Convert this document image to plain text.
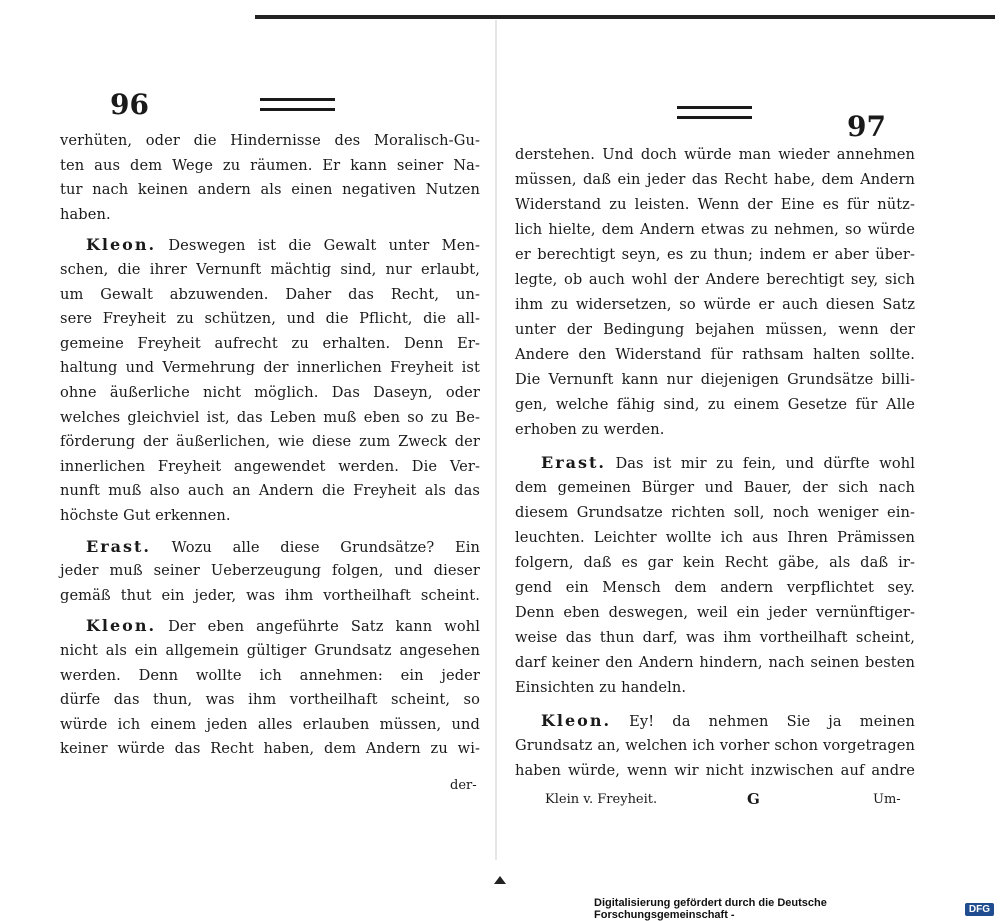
96
verhüten, oder die Hindernisse des Moralisch-Gu-
ten aus dem Wege zu räumen. Er kann seiner Na-
tur nach keinen andern als einen negativen Nutzen
haben.
Kleon. Deswegen ist die Gewalt unter Men-
schen, die ihrer Vernunft mächtig sind, nur erlaubt,
um Gewalt abzuwenden. Daher das Recht, un-
sere Freyheit zu schützen, und die Pflicht, die all-
gemeine Freyheit aufrecht zu erhalten. Denn Er-
haltung und Vermehrung der innerlichen Freyheit ist
ohne äußerliche nicht möglich. Das Daseyn, oder
welches gleichviel ist, das Leben muß eben so zu Be-
förderung der äußerlichen, wie diese zum Zweck der
innerlichen Freyheit angewendet werden. Die Ver-
nunft muß also auch an Andern die Freyheit als das
höchste Gut erkennen.
Erast. Wozu alle diese Grundsätze? Ein
jeder muß seiner Ueberzeugung folgen, und dieser
gemäß thut ein jeder, was ihm vortheilhaft scheint.
Kleon. Der eben angeführte Satz kann wohl
nicht als ein allgemein gültiger Grundsatz angesehen
werden. Denn wollte ich annehmen: ein jeder
dürfe das thun, was ihm vortheilhaft scheint, so
würde ich einem jeden alles erlauben müssen, und
keiner würde das Recht haben, dem Andern zu wi-
der-
97
derstehen. Und doch würde man wieder annehmen
müssen, daß ein jeder das Recht habe, dem Andern
Widerstand zu leisten. Wenn der Eine es für nütz-
lich hielte, dem Andern etwas zu nehmen, so würde
er berechtigt seyn, es zu thun; indem er aber über-
legte, ob auch wohl der Andere berechtigt sey, sich
ihm zu widersetzen, so würde er auch diesen Satz
unter der Bedingung bejahen müssen, wenn der
Andere den Widerstand für rathsam halten sollte.
Die Vernunft kann nur diejenigen Grundsätze billi-
gen, welche fähig sind, zu einem Gesetze für Alle
erhoben zu werden.
Erast. Das ist mir zu fein, und dürfte wohl
dem gemeinen Bürger und Bauer, der sich nach
diesem Grundsatze richten soll, noch weniger ein-
leuchten. Leichter wollte ich aus Ihren Prämissen
folgern, daß es gar kein Recht gäbe, als daß ir-
gend ein Mensch dem andern verpflichtet sey.
Denn eben deswegen, weil ein jeder vernünftiger-
weise das thun darf, was ihm vortheilhaft scheint,
darf keiner den Andern hindern, nach seinen besten
Einsichten zu handeln.
Kleon. Ey! da nehmen Sie ja meinen
Grundsatz an, welchen ich vorher schon vorgetragen
haben würde, wenn wir nicht inzwischen auf andre
Klein v. Freyheit.	G	Um-
Digitalisierung gefördert durch die Deutsche Forschungsgemeinschaft -	DFG
